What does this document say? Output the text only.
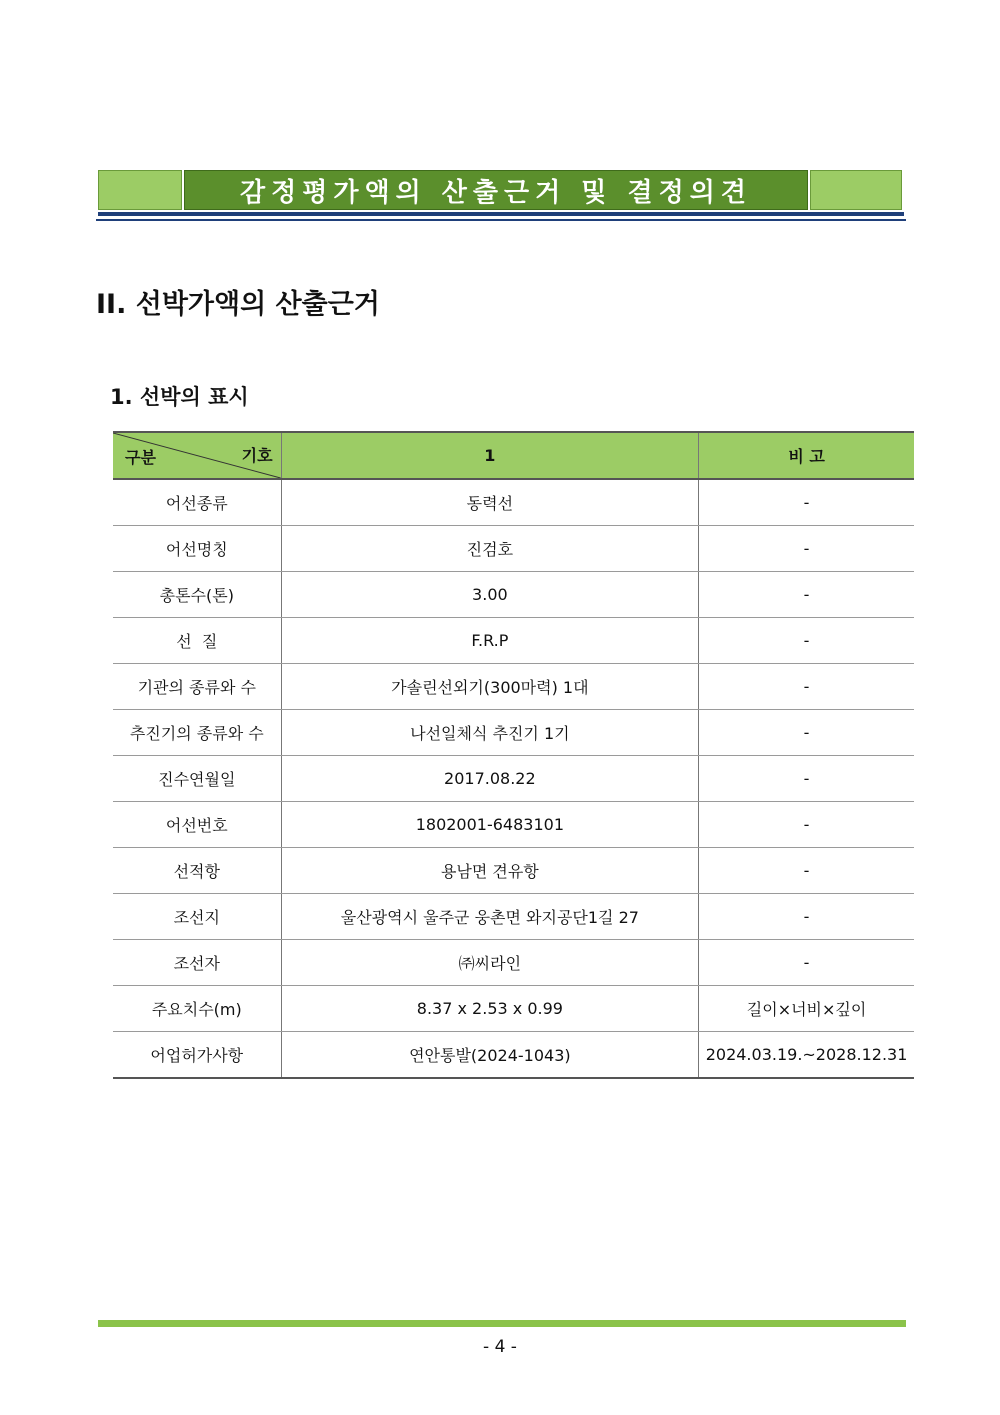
감정평가액의 산출근거 및 결정의견
II. 선박가액의 산출근거
1. 선박의 표시
구분 기호	1	비 고
어선종류	동력선	-
어선명칭	진검호	-
총톤수(톤)	3.00	-
선  질	F.R.P	-
기관의 종류와 수	가솔린선외기(300마력) 1대	-
추진기의 종류와 수	나선일체식 추진기 1기	-
진수연월일	2017.08.22	-
어선번호	1802001-6483101	-
선적항	용남면 견유항	-
조선지	울산광역시 울주군 웅촌면 와지공단1길 27	-
조선자	㈜씨라인	-
주요치수(m)	8.37 x 2.53 x 0.99	길이×너비×깊이
어업허가사항	연안통발(2024-1043)	2024.03.19.~2028.12.31
- 4 -
